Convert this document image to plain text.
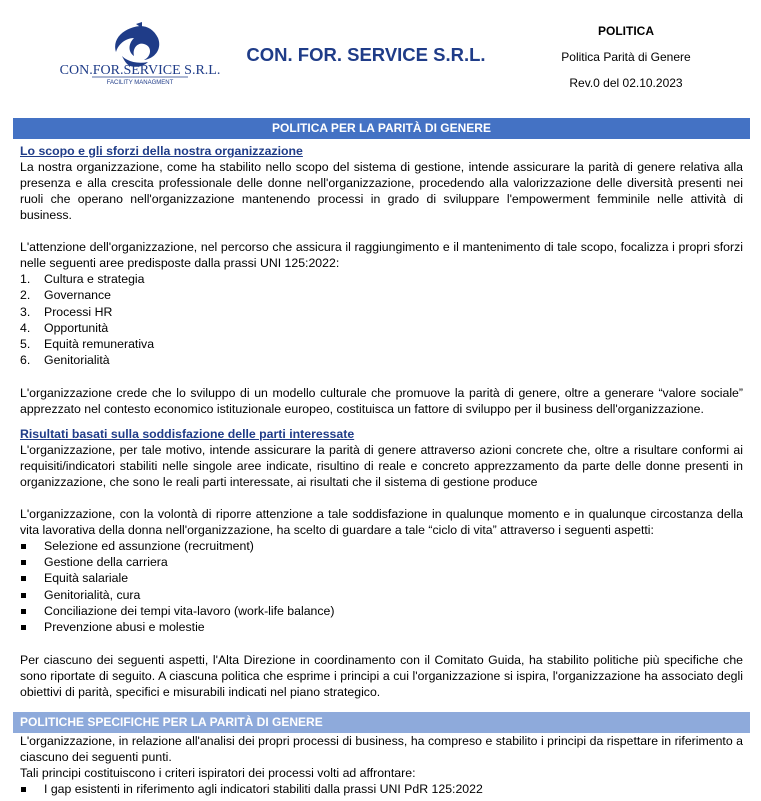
CON.FOR.SERVICE S.R.L.
FACILITY MANAGMENT
CON. FOR. SERVICE S.R.L.
POLITICA
Politica Parità di Genere
Rev.0 del 02.10.2023
POLITICA PER LA PARITÀ DI GENERE
Lo scopo e gli sforzi della nostra organizzazione

La nostra organizzazione, come ha stabilito nello scopo del sistema di gestione, intende assicurare la parità di genere relativa alla presenza e alla crescita professionale delle donne nell'organizzazione, procedendo alla valorizzazione delle diversità presenti nei ruoli che operano nell'organizzazione mantenendo processi in grado di sviluppare l'empowerment femminile nelle attività di business.

L'attenzione dell'organizzazione, nel percorso che assicura il raggiungimento e il mantenimento di tale scopo, focalizza i propri sforzi nelle seguenti aree predisposte dalla prassi UNI 125:2022:

1. Cultura e strategia
2. Governance
3. Processi HR
4. Opportunità
5. Equità remunerativa
6. Genitorialità

L'organizzazione crede che lo sviluppo di un modello culturale che promuove la parità di genere, oltre a generare “valore sociale” apprezzato nel contesto economico istituzionale europeo, costituisca un fattore di sviluppo per il business dell'organizzazione.

Risultati basati sulla soddisfazione delle parti interessate

L'organizzazione, per tale motivo, intende assicurare la parità di genere attraverso azioni concrete che, oltre a risultare conformi ai requisiti/indicatori stabiliti nelle singole aree indicate, risultino di reale e concreto apprezzamento da parte delle donne presenti in organizzazione, che sono le reali parti interessate, ai risultati che il sistema di gestione produce

L'organizzazione, con la volontà di riporre attenzione a tale soddisfazione in qualunque momento e in qualunque circostanza della vita lavorativa della donna nell'organizzazione, ha scelto di guardare a tale “ciclo di vita” attraverso i seguenti aspetti:

Selezione ed assunzione (recruitment)
Gestione della carriera
Equità salariale
Genitorialità, cura
Conciliazione dei tempi vita-lavoro (work-life balance)
Prevenzione abusi e molestie

Per ciascuno dei seguenti aspetti, l'Alta Direzione in coordinamento con il Comitato Guida, ha stabilito politiche più specifiche che sono riportate di seguito. A ciascuna politica che esprime i principi a cui l'organizzazione si ispira, l'organizzazione ha associato degli obiettivi di parità, specifici e misurabili indicati nel piano strategico.

POLITICHE SPECIFICHE PER LA PARITÀ DI GENERE

L'organizzazione, in relazione all'analisi dei propri processi di business, ha compreso e stabilito i principi da rispettare in riferimento a ciascuno dei seguenti punti.

Tali principi costituiscono i criteri ispiratori dei processi volti ad affrontare:

I gap esistenti in riferimento agli indicatori stabiliti dalla prassi UNI PdR 125:2022
